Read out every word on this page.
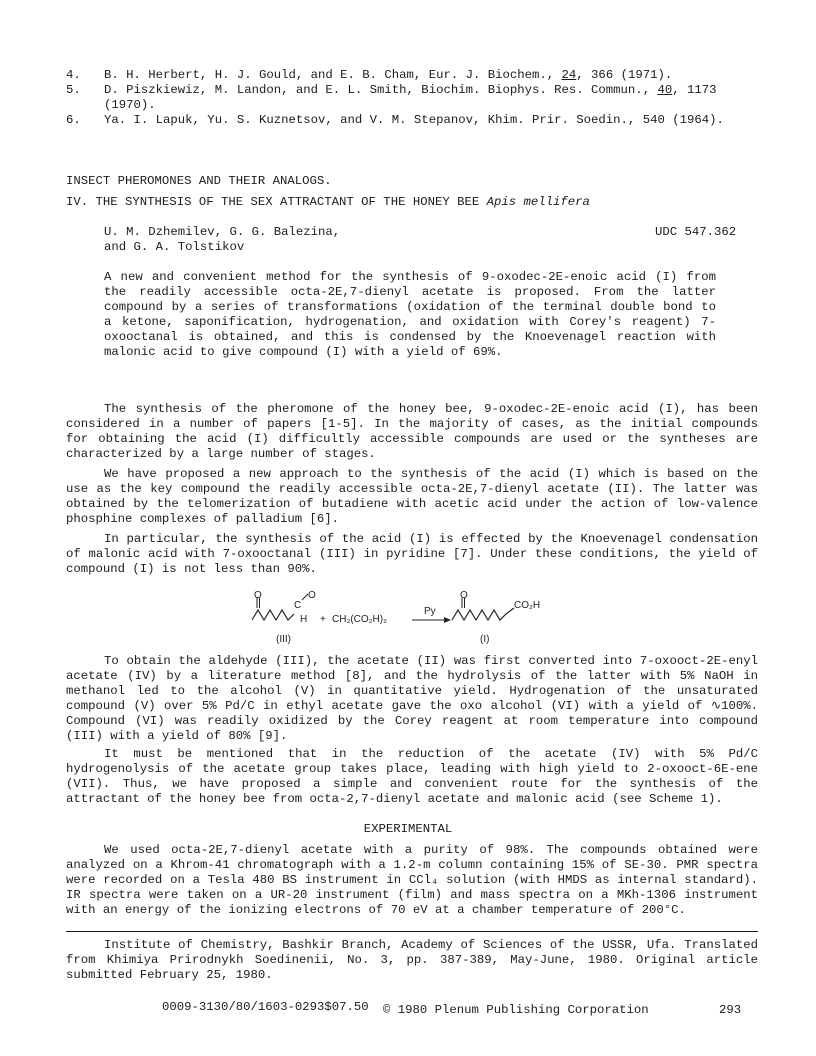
4. B. H. Herbert, H. J. Gould, and E. B. Cham, Eur. J. Biochem., 24, 366 (1971).
5. D. Piszkiewiz, M. Landon, and E. L. Smith, Biochim. Biophys. Res. Commun., 40, 1173 (1970).
6. Ya. I. Lapuk, Yu. S. Kuznetsov, and V. M. Stepanov, Khim. Prir. Soedin., 540 (1964).
INSECT PHEROMONES AND THEIR ANALOGS.
IV. THE SYNTHESIS OF THE SEX ATTRACTANT OF THE HONEY BEE Apis mellifera
U. M. Dzhemilev, G. G. Balezina,
and G. A. Tolstikov
UDC 547.362
A new and convenient method for the synthesis of 9-oxodec-2E-enoic acid (I) from the readily accessible octa-2E,7-dienyl acetate is proposed. From the latter compound by a series of transformations (oxidation of the terminal double bond to a ketone, saponification, hydrogenation, and oxidation with Corey's reagent) 7-oxooctanal is obtained, and this is condensed by the Knoevenagel reaction with malonic acid to give compound (I) with a yield of 69%.

The synthesis of the pheromone of the honey bee, 9-oxodec-2E-enoic acid (I), has been considered in a number of papers [1-5]. In the majority of cases, as the initial compounds for obtaining the acid (I) difficultly accessible compounds are used or the syntheses are characterized by a large number of stages.

We have proposed a new approach to the synthesis of the acid (I) which is based on the use as the key compound the readily accessible octa-2E,7-dienyl acetate (II). The latter was obtained by the telomerization of butadiene with acetic acid under the action of low-valence phosphine complexes of palladium [6].

In particular, the synthesis of the acid (I) is effected by the Knoevenagel condensation of malonic acid with 7-oxooctanal (III) in pyridine [7]. Under these conditions, the yield of compound (I) is not less than 90%.

O
C
O
H + CH₂(CO₂H)₂
Py
O
CO₂H
(III)	(I)

To obtain the aldehyde (III), the acetate (II) was first converted into 7-oxooct-2E-enyl acetate (IV) by a literature method [8], and the hydrolysis of the latter with 5% NaOH in methanol led to the alcohol (V) in quantitative yield. Hydrogenation of the unsaturated compound (V) over 5% Pd/C in ethyl acetate gave the oxo alcohol (VI) with a yield of ∿100%. Compound (VI) was readily oxidized by the Corey reagent at room temperature into compound (III) with a yield of 80% [9].

It must be mentioned that in the reduction of the acetate (IV) with 5% Pd/C hydrogenolysis of the acetate group takes place, leading with high yield to 2-oxooct-6E-ene (VII). Thus, we have proposed a simple and convenient route for the synthesis of the attractant of the honey bee from octa-2,7-dienyl acetate and malonic acid (see Scheme 1).

EXPERIMENTAL

We used octa-2E,7-dienyl acetate with a purity of 98%. The compounds obtained were analyzed on a Khrom-41 chromatograph with a 1.2-m column containing 15% of SE-30. PMR spectra were recorded on a Tesla 480 BS instrument in CCl₄ solution (with HMDS as internal standard). IR spectra were taken on a UR-20 instrument (film) and mass spectra on a MKh-1306 instrument with an energy of the ionizing electrons of 70 eV at a chamber temperature of 200°C.

Institute of Chemistry, Bashkir Branch, Academy of Sciences of the USSR, Ufa. Translated from Khimiya Prirodnykh Soedinenii, No. 3, pp. 387-389, May-June, 1980. Original article submitted February 25, 1980.

0009-3130/80/1603-0293$07.50 © 1980 Plenum Publishing Corporation	293
